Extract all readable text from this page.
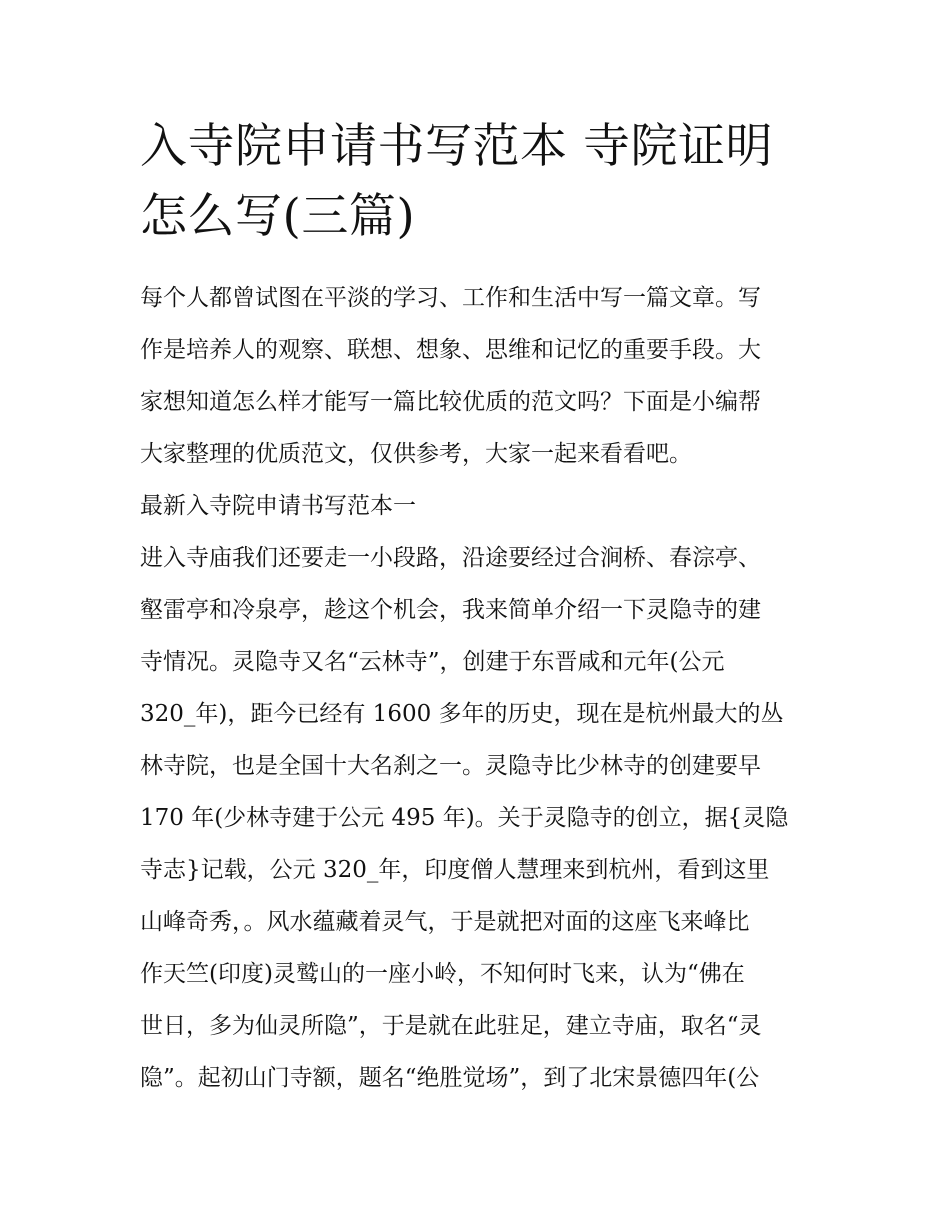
入寺院申请书写范本 寺院证明
怎么写(三篇)

每个人都曾试图在平淡的学习、工作和生活中写一篇文章。写
作是培养人的观察、联想、想象、思维和记忆的重要手段。大
家想知道怎么样才能写一篇比较优质的范文吗？下面是小编帮
大家整理的优质范文，仅供参考，大家一起来看看吧。

最新入寺院申请书写范本一

进入寺庙我们还要走一小段路，沿途要经过合涧桥、春淙亭、
壑雷亭和冷泉亭，趁这个机会，我来简单介绍一下灵隐寺的建
寺情况。灵隐寺又名“云林寺”，创建于东晋咸和元年(公元
320_年)，距今已经有 1600 多年的历史，现在是杭州最大的丛
林寺院，也是全国十大名刹之一。灵隐寺比少林寺的创建要早
170 年(少林寺建于公元 495 年)。关于灵隐寺的创立，据{灵隐
寺志}记载，公元 320_年，印度僧人慧理来到杭州，看到这里
山峰奇秀，。风水蕴藏着灵气，于是就把对面的这座飞来峰比
作天竺(印度)灵鹫山的一座小岭，不知何时飞来，认为“佛在
世日，多为仙灵所隐”，于是就在此驻足，建立寺庙，取名“灵
隐”。起初山门寺额，题名“绝胜觉场”，到了北宋景德四年(公
